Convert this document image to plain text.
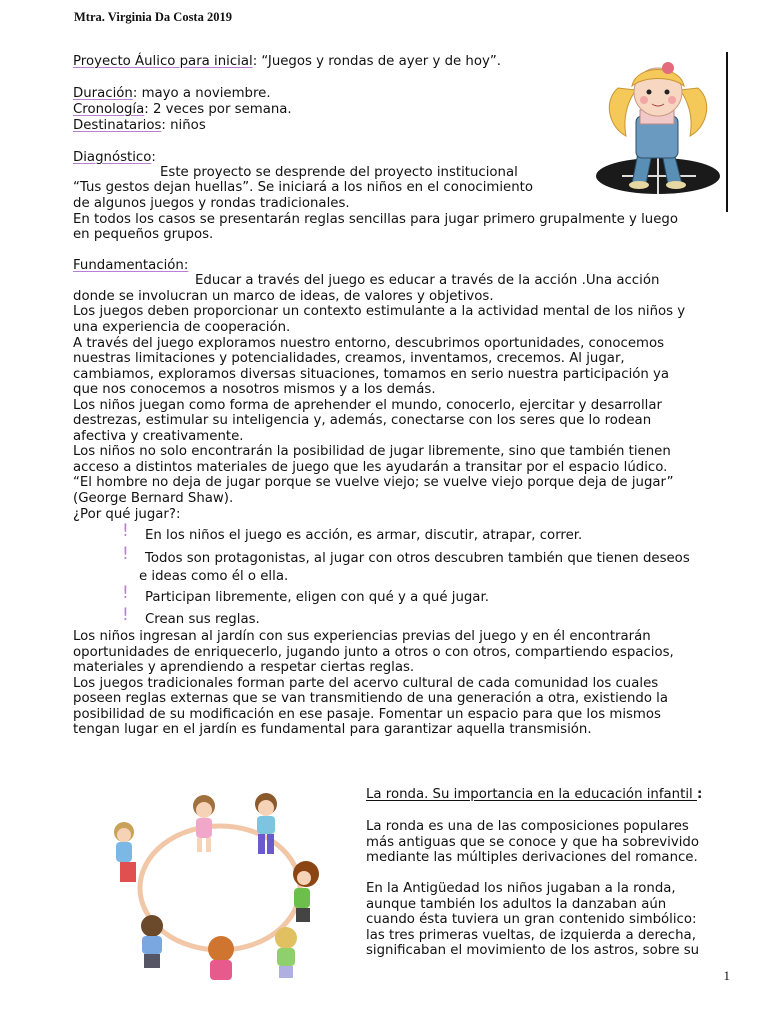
Mtra. Virginia Da Costa 2019
Proyecto Áulico para inicial: “Juegos y rondas de ayer y de hoy”.
Duración: mayo a noviembre.
Cronología: 2 veces por semana.
Destinatarios: niños
Diagnóstico:
Este proyecto se desprende del proyecto institucional
“Tus gestos dejan huellas”. Se iniciará a los niños en el conocimiento
de algunos juegos y rondas tradicionales.
En todos los casos se presentarán reglas sencillas para jugar primero grupalmente y luego
en pequeños grupos.
Fundamentación:
Educar a través del juego es educar a través de la acción .Una acción
donde se involucran un marco de ideas, de valores y objetivos.
Los juegos deben proporcionar un contexto estimulante a la actividad mental de los niños y
una experiencia de cooperación.
A través del juego exploramos nuestro entorno, descubrimos oportunidades, conocemos
nuestras limitaciones y potencialidades, creamos, inventamos, crecemos. Al jugar,
cambiamos, exploramos diversas situaciones, tomamos en serio nuestra participación ya
que nos conocemos a nosotros mismos y a los demás.
Los niños juegan como forma de aprehender el mundo, conocerlo, ejercitar y desarrollar
destrezas, estimular su inteligencia y, además, conectarse con los seres que lo rodean
afectiva y creativamente.
Los niños no solo encontrarán la posibilidad de jugar libremente, sino que también tienen
acceso a distintos materiales de juego que les ayudarán a transitar por el espacio lúdico.
“El hombre no deja de jugar porque se vuelve viejo; se vuelve viejo porque deja de jugar”
(George Bernard Shaw).
¿Por qué jugar?:
! En los niños el juego es acción, es armar, discutir, atrapar, correr.
! Todos son protagonistas, al jugar con otros descubren también que tienen deseos
e ideas como él o ella.
! Participan libremente, eligen con qué y a qué jugar.
! Crean sus reglas.
Los niños ingresan al jardín con sus experiencias previas del juego y en él encontrarán
oportunidades de enriquecerlo, jugando junto a otros o con otros, compartiendo espacios,
materiales y aprendiendo a respetar ciertas reglas.
Los juegos tradicionales forman parte del acervo cultural de cada comunidad los cuales
poseen reglas externas que se van transmitiendo de una generación a otra, existiendo la
posibilidad de su modificación en ese pasaje. Fomentar un espacio para que los mismos
tengan lugar en el jardín es fundamental para garantizar aquella transmisión.
La ronda. Su importancia en la educación infantil :
La ronda es una de las composiciones populares
más antiguas que se conoce y que ha sobrevivido
mediante las múltiples derivaciones del romance.
En la Antigüedad los niños jugaban a la ronda,
aunque también los adultos la danzaban aún
cuando ésta tuviera un gran contenido simbólico:
las tres primeras vueltas, de izquierda a derecha,
significaban el movimiento de los astros, sobre su
1
